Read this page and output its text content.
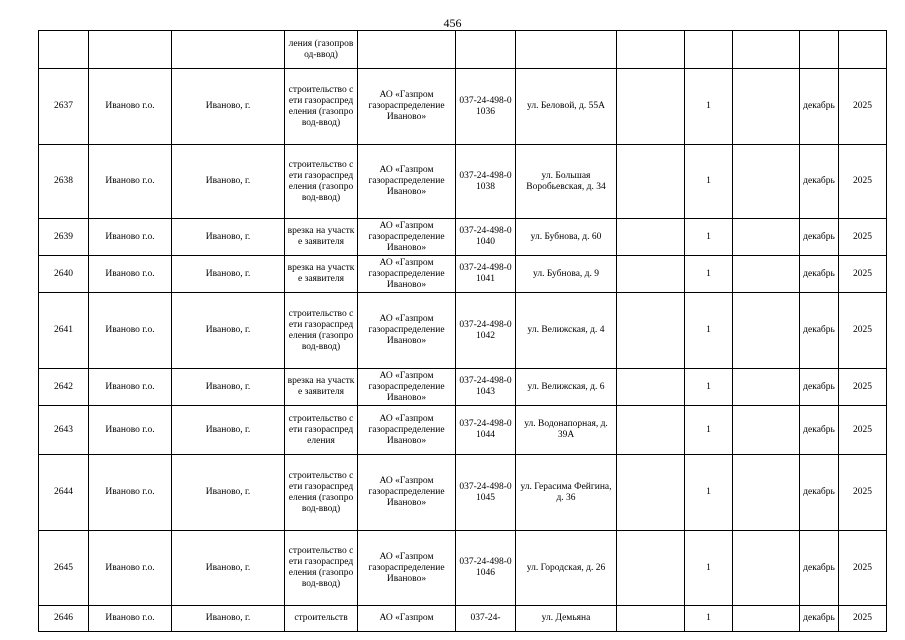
456
			ления (газопровод-ввод)								
2637	Иваново г.о.	Иваново, г.	строительство сети газораспределения (газопровод-ввод)	АО «Газпром газораспределение Иваново»	037-24-498-01036	ул. Беловой, д. 55А		1		декабрь	2025
2638	Иваново г.о.	Иваново, г.	строительство сети газораспределения (газопровод-ввод)	АО «Газпром газораспределение Иваново»	037-24-498-01038	ул. Большая Воробьевская, д. 34		1		декабрь	2025
2639	Иваново г.о.	Иваново, г.	врезка на участке заявителя	АО «Газпром газораспределение Иваново»	037-24-498-01040	ул. Бубнова, д. 60		1		декабрь	2025
2640	Иваново г.о.	Иваново, г.	врезка на участке заявителя	АО «Газпром газораспределение Иваново»	037-24-498-01041	ул. Бубнова, д. 9		1		декабрь	2025
2641	Иваново г.о.	Иваново, г.	строительство сети газораспределения (газопровод-ввод)	АО «Газпром газораспределение Иваново»	037-24-498-01042	ул. Велижская, д. 4		1		декабрь	2025
2642	Иваново г.о.	Иваново, г.	врезка на участке заявителя	АО «Газпром газораспределение Иваново»	037-24-498-01043	ул. Велижская, д. 6		1		декабрь	2025
2643	Иваново г.о.	Иваново, г.	строительство сети газораспределения	АО «Газпром газораспределение Иваново»	037-24-498-01044	ул. Водонапорная, д. 39А		1		декабрь	2025
2644	Иваново г.о.	Иваново, г.	строительство сети газораспределения (газопровод-ввод)	АО «Газпром газораспределение Иваново»	037-24-498-01045	ул. Герасима Фейгина, д. 36		1		декабрь	2025
2645	Иваново г.о.	Иваново, г.	строительство сети газораспределения (газопровод-ввод)	АО «Газпром газораспределение Иваново»	037-24-498-01046	ул. Городская, д. 26		1		декабрь	2025
2646	Иваново г.о.	Иваново, г.	строительств	АО «Газпром	037-24-	ул. Демьяна		1		декабрь	2025
